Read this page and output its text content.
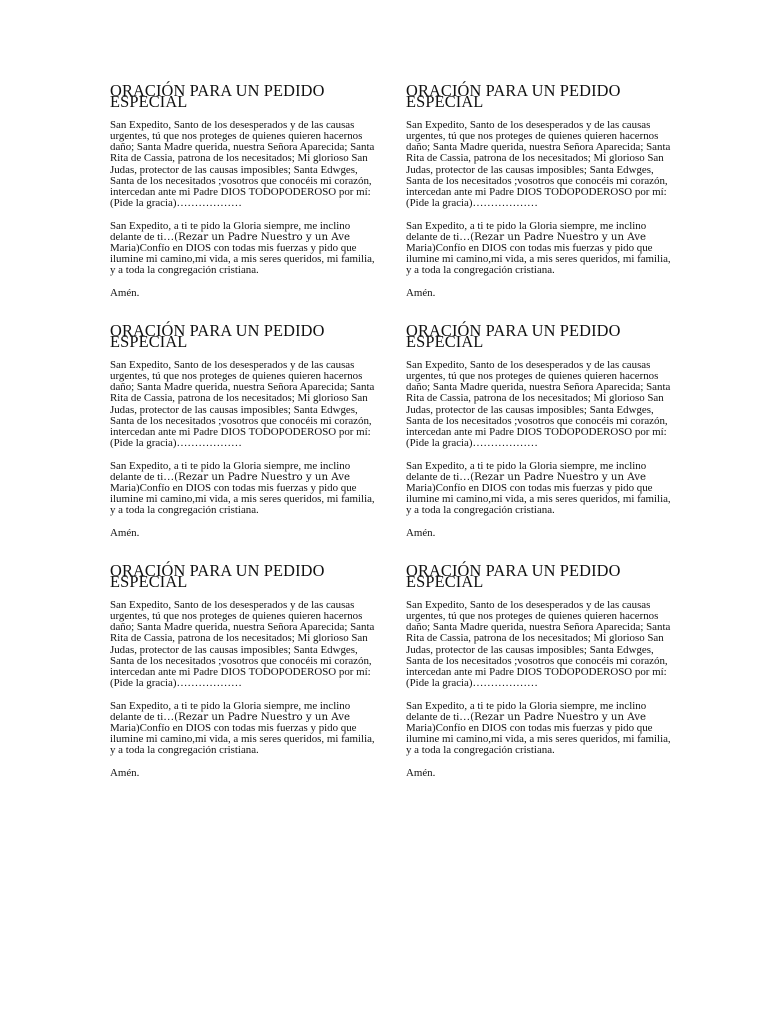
ORACIÓN PARA UN PEDIDO ESPECIAL

San Expedito, Santo de los desesperados y de las causas
urgentes, tú que nos proteges de quienes quieren hacernos
daño; Santa Madre querida, nuestra Señora Aparecida; Santa
Rita de Cassia, patrona de los necesitados; Mi glorioso San
Judas, protector de las causas imposibles; Santa Edwges,
Santa de los necesitados ;vosotros que conocéis mi corazón,
intercedan ante mi Padre DIOS TODOPODEROSO por mí:

(Pide la gracia)………………

San Expedito, a ti te pido la Gloria siempre, me inclino

delante de ti…(Rezar un Padre Nuestro y un Ave

Maria)Confío en DIOS con todas mis fuerzas y pido que
ilumine mi camino,mi vida, a mis seres queridos, mi familia,
y a toda la congregación cristiana.

Amén.

ORACIÓN PARA UN PEDIDO ESPECIAL

San Expedito, Santo de los desesperados y de las causas
urgentes, tú que nos proteges de quienes quieren hacernos
daño; Santa Madre querida, nuestra Señora Aparecida; Santa
Rita de Cassia, patrona de los necesitados; Mi glorioso San
Judas, protector de las causas imposibles; Santa Edwges,
Santa de los necesitados ;vosotros que conocéis mi corazón,
intercedan ante mi Padre DIOS TODOPODEROSO por mí:

(Pide la gracia)………………

San Expedito, a ti te pido la Gloria siempre, me inclino

delante de ti…(Rezar un Padre Nuestro y un Ave

Maria)Confío en DIOS con todas mis fuerzas y pido que
ilumine mi camino,mi vida, a mis seres queridos, mi familia,
y a toda la congregación cristiana.

Amén.

ORACIÓN PARA UN PEDIDO ESPECIAL

San Expedito, Santo de los desesperados y de las causas
urgentes, tú que nos proteges de quienes quieren hacernos
daño; Santa Madre querida, nuestra Señora Aparecida; Santa
Rita de Cassia, patrona de los necesitados; Mi glorioso San
Judas, protector de las causas imposibles; Santa Edwges,
Santa de los necesitados ;vosotros que conocéis mi corazón,
intercedan ante mi Padre DIOS TODOPODEROSO por mí:

(Pide la gracia)………………

San Expedito, a ti te pido la Gloria siempre, me inclino

delante de ti…(Rezar un Padre Nuestro y un Ave

Maria)Confío en DIOS con todas mis fuerzas y pido que
ilumine mi camino,mi vida, a mis seres queridos, mi familia,
y a toda la congregación cristiana.

Amén.

ORACIÓN PARA UN PEDIDO ESPECIAL

San Expedito, Santo de los desesperados y de las causas
urgentes, tú que nos proteges de quienes quieren hacernos
daño; Santa Madre querida, nuestra Señora Aparecida; Santa
Rita de Cassia, patrona de los necesitados; Mi glorioso San
Judas, protector de las causas imposibles; Santa Edwges,
Santa de los necesitados ;vosotros que conocéis mi corazón,
intercedan ante mi Padre DIOS TODOPODEROSO por mí:

(Pide la gracia)………………

San Expedito, a ti te pido la Gloria siempre, me inclino

delante de ti…(Rezar un Padre Nuestro y un Ave

Maria)Confío en DIOS con todas mis fuerzas y pido que
ilumine mi camino,mi vida, a mis seres queridos, mi familia,
y a toda la congregación cristiana.

Amén.

ORACIÓN PARA UN PEDIDO ESPECIAL

San Expedito, Santo de los desesperados y de las causas
urgentes, tú que nos proteges de quienes quieren hacernos
daño; Santa Madre querida, nuestra Señora Aparecida; Santa
Rita de Cassia, patrona de los necesitados; Mi glorioso San
Judas, protector de las causas imposibles; Santa Edwges,
Santa de los necesitados ;vosotros que conocéis mi corazón,
intercedan ante mi Padre DIOS TODOPODEROSO por mí:

(Pide la gracia)………………

San Expedito, a ti te pido la Gloria siempre, me inclino

delante de ti…(Rezar un Padre Nuestro y un Ave

Maria)Confío en DIOS con todas mis fuerzas y pido que
ilumine mi camino,mi vida, a mis seres queridos, mi familia,
y a toda la congregación cristiana.

Amén.

ORACIÓN PARA UN PEDIDO ESPECIAL

San Expedito, Santo de los desesperados y de las causas
urgentes, tú que nos proteges de quienes quieren hacernos
daño; Santa Madre querida, nuestra Señora Aparecida; Santa
Rita de Cassia, patrona de los necesitados; Mi glorioso San
Judas, protector de las causas imposibles; Santa Edwges,
Santa de los necesitados ;vosotros que conocéis mi corazón,
intercedan ante mi Padre DIOS TODOPODEROSO por mí:

(Pide la gracia)………………

San Expedito, a ti te pido la Gloria siempre, me inclino

delante de ti…(Rezar un Padre Nuestro y un Ave

Maria)Confío en DIOS con todas mis fuerzas y pido que
ilumine mi camino,mi vida, a mis seres queridos, mi familia,
y a toda la congregación cristiana.

Amén.
